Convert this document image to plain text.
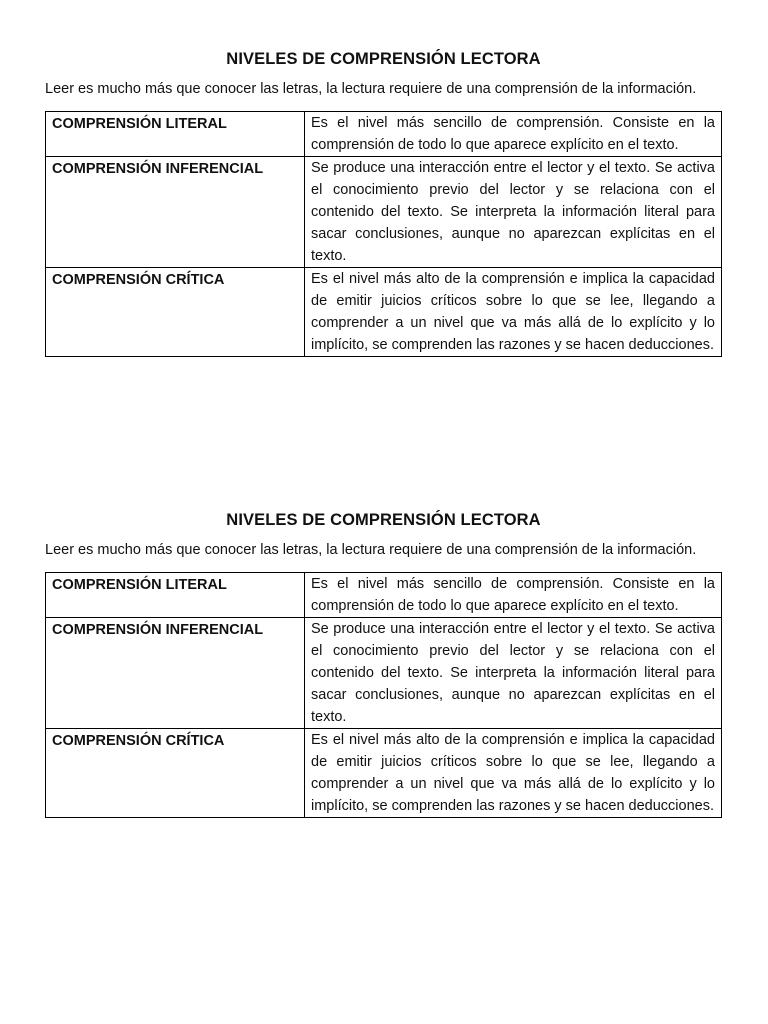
NIVELES DE COMPRENSIÓN LECTORA

Leer es mucho más que conocer las letras, la lectura requiere de una comprensión de la información.

COMPRENSIÓN LITERAL	Es el nivel más sencillo de comprensión. Consiste en la comprensión de todo lo que aparece explícito en el texto.

COMPRENSIÓN INFERENCIAL	Se produce una interacción entre el lector y el texto. Se activa el conocimiento previo del lector y se relaciona con el contenido del texto. Se interpreta la información literal para sacar conclusiones, aunque no aparezcan explícitas en el texto.

COMPRENSIÓN CRÍTICA	Es el nivel más alto de la comprensión e implica la capacidad de emitir juicios críticos sobre lo que se lee, llegando a comprender a un nivel que va más allá de lo explícito y lo implícito, se comprenden las razones y se hacen deducciones.
NIVELES DE COMPRENSIÓN LECTORA

Leer es mucho más que conocer las letras, la lectura requiere de una comprensión de la información.

COMPRENSIÓN LITERAL	Es el nivel más sencillo de comprensión. Consiste en la comprensión de todo lo que aparece explícito en el texto.

COMPRENSIÓN INFERENCIAL	Se produce una interacción entre el lector y el texto. Se activa el conocimiento previo del lector y se relaciona con el contenido del texto. Se interpreta la información literal para sacar conclusiones, aunque no aparezcan explícitas en el texto.

COMPRENSIÓN CRÍTICA	Es el nivel más alto de la comprensión e implica la capacidad de emitir juicios críticos sobre lo que se lee, llegando a comprender a un nivel que va más allá de lo explícito y lo implícito, se comprenden las razones y se hacen deducciones.
